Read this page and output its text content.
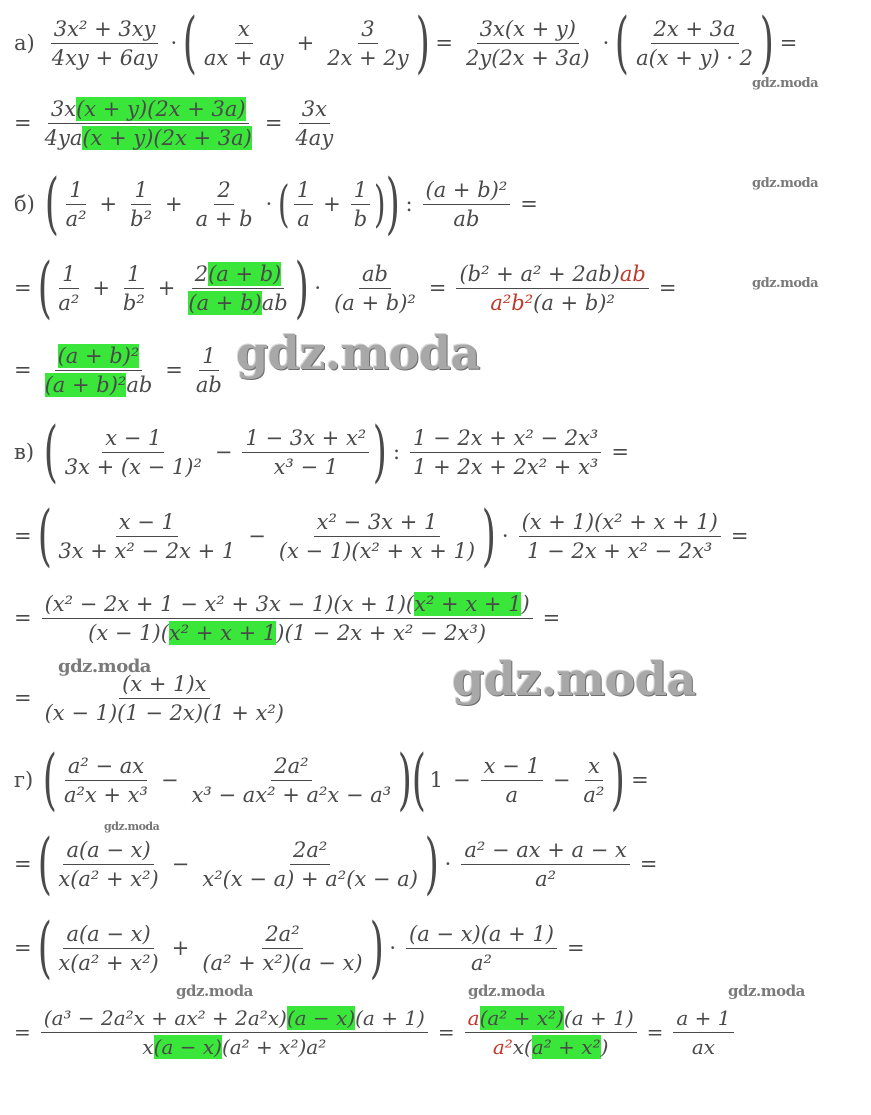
$а) \frac{\text{3x² + 3xy}}{4xy + 6ay}$ · ( $\frac{x}{ax + ay} + \frac{3}{2x + 2y}$ ) = $\frac{3x(x + y)}{2y(2x + 3a)}$ · ( $\frac{2x + 3a}{a(x + y) \cdot 2}$ ) =
= $\frac{3x(x + y)(2x + 3a)}{4ya(x + y)(2x + 3a)} = \frac{3x}{4ay}$
б) ( $\frac{1}{\text{a²}} + \frac{1}{\text{b²}} + \frac{2}{a + b}$ · ( $\frac{1}{a} + \frac{1}{b}$ ) ) : $\frac{\text{(a + b)²}}{ab}$ =
= ( $\frac{1}{\text{a²}} + \frac{1}{\text{b²}} + \frac{2(a + b)}{(a + b)ab}$ ) · $\frac{ab}{\text{(a + b)²}} = \frac{\text{(b² + a² + 2ab)ab}}{\text{a²b²(a + b)²}}$ =
= $\frac{\text{(a + b)²}}{\text{(a + b)²ab}} = \frac{1}{ab}$
в) ( $\frac{x - 1}{\text{3x + (x − 1)²}} - \frac{\text{1 − 3x + x²}}{\text{x³ − 1}}$ ) : $\frac{\text{1 − 2x + x² − 2x³}}{\text{1 + 2x + 2x² + x³}}$ =
= ( $\frac{x - 1}{\text{3x + x² − 2x + 1}} - \frac{\text{x² − 3x + 1}}{\text{(x − 1)(x² + x + 1)}}$ ) · $\frac{\text{(x + 1)(x² + x + 1)}}{\text{1 − 2x + x² − 2x³}}$ =
= $\frac{\text{(x² − 2x + 1 − x² + 3x − 1)(x + 1)(x² + x + 1)}}{\text{(x − 1)(x² + x + 1)(1 − 2x + x² − 2x³)}}$ =
= $\frac{(x + 1)x}{\text{(x − 1)(1 − 2x)(1 + x²)}}$
г) ( $\frac{\text{a² − ax}}{\text{a²x + x³}} - \frac{\text{2a²}}{\text{x³ − ax² + a²x − a³}}$ ) ( $1 - \frac{x - 1}{a} - \frac{x}{\text{a²}}$ ) =
= ( $\frac{a(a - x)}{\text{x(a² + x²)}} - \frac{\text{2a²}}{\text{x²(x − a) + a²(x − a)}}$ ) · $\frac{\text{a² − ax + a − x}}{\text{a²}}$ =
= ( $\frac{a(a - x)}{\text{x(a² + x²)}} + \frac{\text{2a²}}{\text{(a² + x²)(a − x)}}$ ) · $\frac{(a - x)(a + 1)}{\text{a²}}$ =
= $\frac{\text{(a³ − 2a²x + ax² + 2a²x)(a − x)(a + 1)}}{\text{x(a − x)(a² + x²)a²}} = \frac{\text{a(a² + x²)(a + 1)}}{\text{a²x(a² + x²)}} = \frac{a + 1}{ax}$
gdz.moda
gdz.moda
gdz.moda
gdz.moda
gdz.moda	gdz.moda
gdz.moda
gdz.moda	gdz.moda	gdz.moda
